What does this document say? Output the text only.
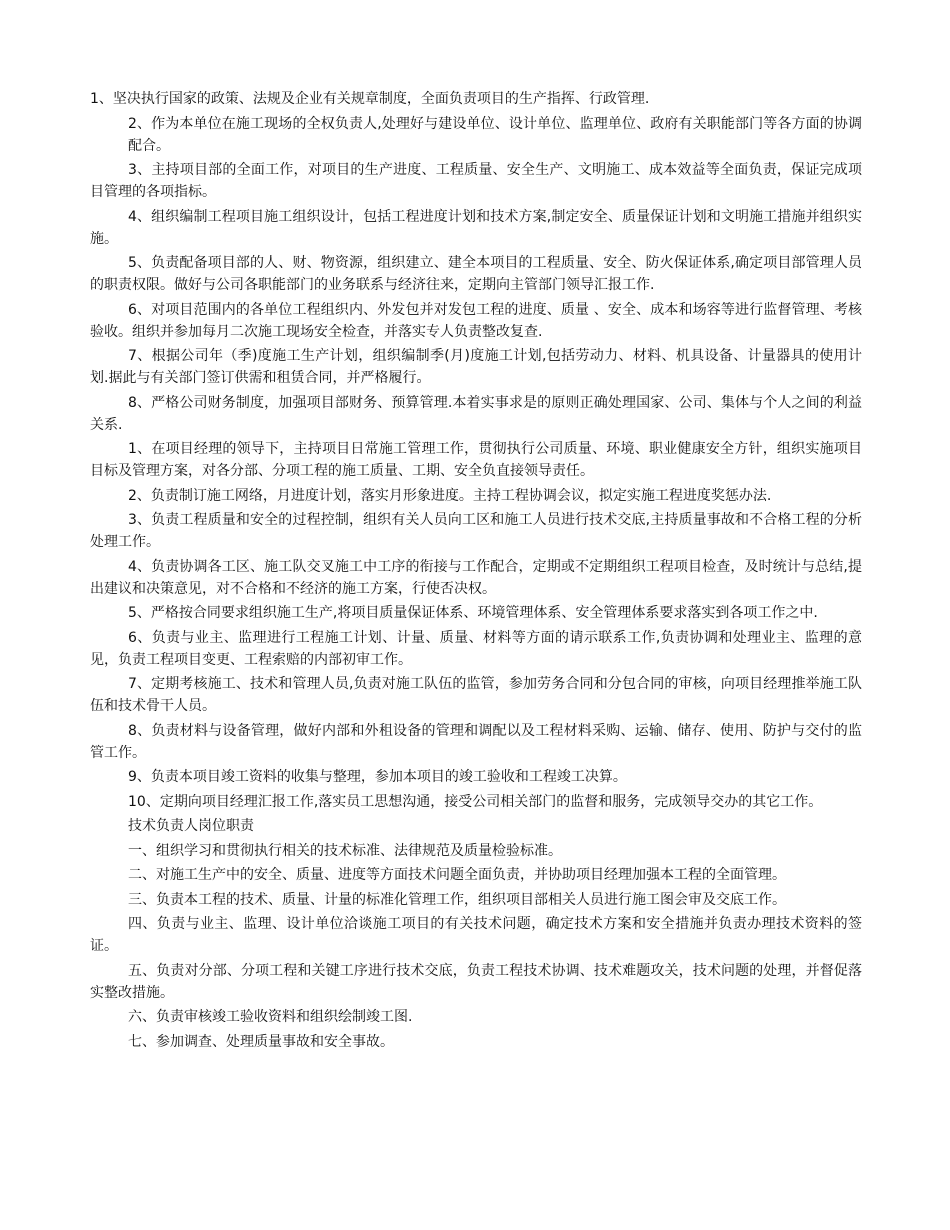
1、坚决执行国家的政策、法规及企业有关规章制度，全面负责项目的生产指挥、行政管理.

2、作为本单位在施工现场的全权负责人,处理好与建设单位、设计单位、监理单位、政府有关职能部门等各方面的协调配合。

3、主持项目部的全面工作，对项目的生产进度、工程质量、安全生产、文明施工、成本效益等全面负责，保证完成项目管理的各项指标。

4、组织编制工程项目施工组织设计，包括工程进度计划和技术方案,制定安全、质量保证计划和文明施工措施并组织实施。

5、负责配备项目部的人、财、物资源，组织建立、建全本项目的工程质量、安全、防火保证体系,确定项目部管理人员的职责权限。做好与公司各职能部门的业务联系与经济往来，定期向主管部门领导汇报工作.

6、对项目范围内的各单位工程组织内、外发包并对发包工程的进度、质量 、安全、成本和场容等进行监督管理、考核验收。组织并参加每月二次施工现场安全检查，并落实专人负责整改复查.

7、根据公司年（季)度施工生产计划，组织编制季(月)度施工计划,包括劳动力、材料、机具设备、计量器具的使用计划.据此与有关部门签订供需和租赁合同，并严格履行。

8、严格公司财务制度，加强项目部财务、预算管理.本着实事求是的原则正确处理国家、公司、集体与个人之间的利益关系.

1、在项目经理的领导下，主持项目日常施工管理工作，贯彻执行公司质量、环境、职业健康安全方针，组织实施项目目标及管理方案，对各分部、分项工程的施工质量、工期、安全负直接领导责任。

2、负责制订施工网络，月进度计划，落实月形象进度。主持工程协调会议，拟定实施工程进度奖惩办法.

3、负责工程质量和安全的过程控制，组织有关人员向工区和施工人员进行技术交底,主持质量事故和不合格工程的分析处理工作。

4、负责协调各工区、施工队交叉施工中工序的衔接与工作配合，定期或不定期组织工程项目检查，及时统计与总结,提出建议和决策意见，对不合格和不经济的施工方案，行使否决权。

5、严格按合同要求组织施工生产,将项目质量保证体系、环境管理体系、安全管理体系要求落实到各项工作之中.

6、负责与业主、监理进行工程施工计划、计量、质量、材料等方面的请示联系工作,负责协调和处理业主、监理的意见，负责工程项目变更、工程索赔的内部初审工作。

7、定期考核施工、技术和管理人员,负责对施工队伍的监管，参加劳务合同和分包合同的审核，向项目经理推举施工队伍和技术骨干人员。

8、负责材料与设备管理，做好内部和外租设备的管理和调配以及工程材料采购、运输、储存、使用、防护与交付的监管工作。

9、负责本项目竣工资料的收集与整理，参加本项目的竣工验收和工程竣工决算。

10、定期向项目经理汇报工作,落实员工思想沟通，接受公司相关部门的监督和服务，完成领导交办的其它工作。

技术负责人岗位职责

一、组织学习和贯彻执行相关的技术标准、法律规范及质量检验标准。

二、对施工生产中的安全、质量、进度等方面技术问题全面负责，并协助项目经理加强本工程的全面管理。

三、负责本工程的技术、质量、计量的标准化管理工作，组织项目部相关人员进行施工图会审及交底工作。

四、负责与业主、监理、设计单位洽谈施工项目的有关技术问题，确定技术方案和安全措施并负责办理技术资料的签证。

五、负责对分部、分项工程和关键工序进行技术交底，负责工程技术协调、技术难题攻关，技术问题的处理，并督促落实整改措施。

六、负责审核竣工验收资料和组织绘制竣工图.

七、参加调查、处理质量事故和安全事故。
